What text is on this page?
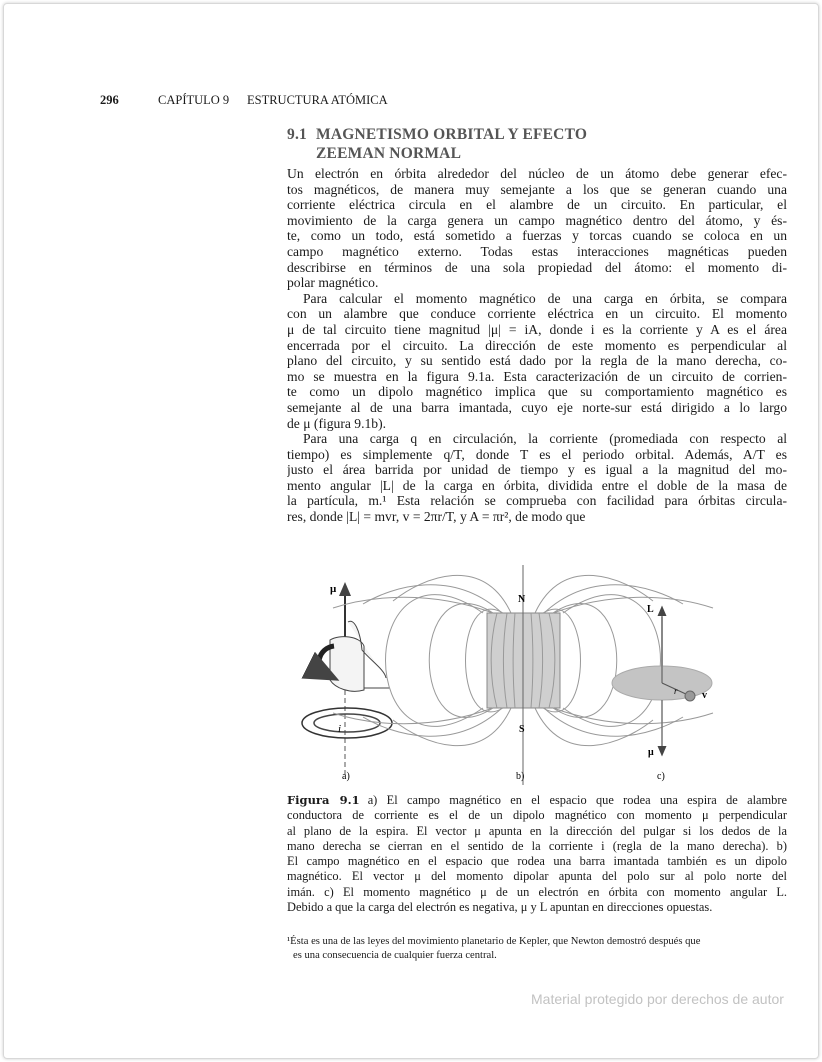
296	CAPÍTULO 9 ESTRUCTURA ATÓMICA
9.1 MAGNETISMO ORBITAL Y EFECTO
ZEEMAN NORMAL
Un electrón en órbita alrededor del núcleo de un átomo debe generar efec-
tos magnéticos, de manera muy semejante a los que se generan cuando una
corriente eléctrica circula en el alambre de un circuito. En particular, el
movimiento de la carga genera un campo magnético dentro del átomo, y és-
te, como un todo, está sometido a fuerzas y torcas cuando se coloca en un
campo magnético externo. Todas estas interacciones magnéticas pueden
describirse en términos de una sola propiedad del átomo: el momento di-
polar magnético.
Para calcular el momento magnético de una carga en órbita, se compara
con un alambre que conduce corriente eléctrica en un circuito. El momento
μ de tal circuito tiene magnitud |μ| = iA, donde i es la corriente y A es el área
encerrada por el circuito. La dirección de este momento es perpendicular al
plano del circuito, y su sentido está dado por la regla de la mano derecha, co-
mo se muestra en la figura 9.1a. Esta caracterización de un circuito de corrien-
te como un dipolo magnético implica que su comportamiento magnético es
semejante al de una barra imantada, cuyo eje norte-sur está dirigido a lo largo
de μ (figura 9.1b).
Para una carga q en circulación, la corriente (promediada con respecto al
tiempo) es simplemente q/T, donde T es el periodo orbital. Además, A/T es
justo el área barrida por unidad de tiempo y es igual a la magnitud del mo-
mento angular |L| de la carga en órbita, dividida entre el doble de la masa de
la partícula, m.¹ Esta relación se comprueba con facilidad para órbitas circula-
res, donde |L| = mvr, v = 2πr/T, y A = πr², de modo que
μ
i
N
S
L
r v
μ
a)	b)	c)
Figura 9.1 a) El campo magnético en el espacio que rodea una espira de alambre
conductora de corriente es el de un dipolo magnético con momento μ perpendicular
al plano de la espira. El vector μ apunta en la dirección del pulgar si los dedos de la
mano derecha se cierran en el sentido de la corriente i (regla de la mano derecha). b)
El campo magnético en el espacio que rodea una barra imantada también es un dipolo
magnético. El vector μ del momento dipolar apunta del polo sur al polo norte del
imán. c) El momento magnético μ de un electrón en órbita con momento angular L.
Debido a que la carga del electrón es negativa, μ y L apuntan en direcciones opuestas.
¹Ésta es una de las leyes del movimiento planetario de Kepler, que Newton demostró después que
es una consecuencia de cualquier fuerza central.
Material protegido por derechos de autor
